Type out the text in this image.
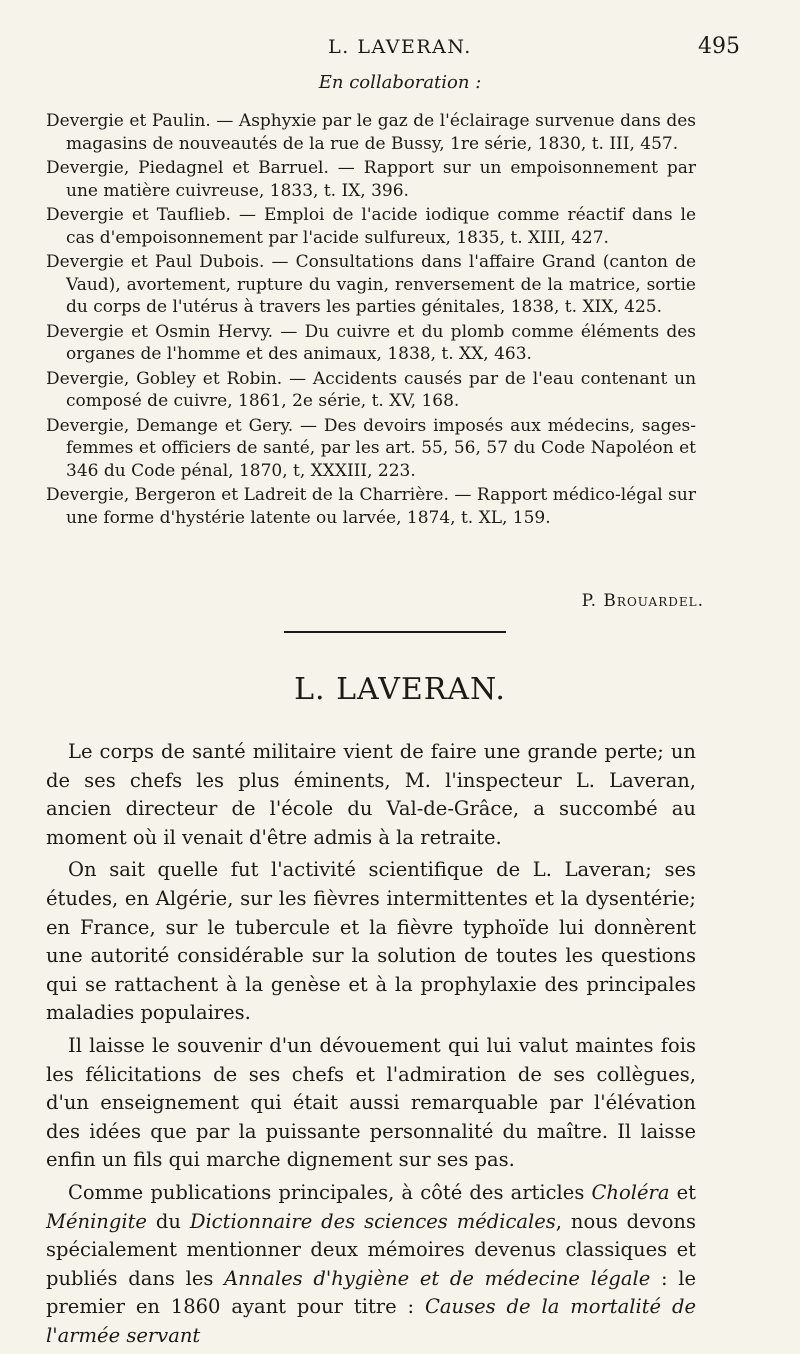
L. LAVERAN.	495
En collaboration :

Devergie et Paulin. — Asphyxie par le gaz de l'éclairage survenue dans des magasins de nouveautés de la rue de Bussy, 1re série, 1830, t. III, 457.

Devergie, Piedagnel et Barruel. — Rapport sur un empoisonnement par une matière cuivreuse, 1833, t. IX, 396.

Devergie et Tauflieb. — Emploi de l'acide iodique comme réactif dans le cas d'empoisonnement par l'acide sulfureux, 1835, t. XIII, 427.

Devergie et Paul Dubois. — Consultations dans l'affaire Grand (canton de Vaud), avortement, rupture du vagin, renversement de la matrice, sortie du corps de l'utérus à travers les parties génitales, 1838, t. XIX, 425.

Devergie et Osmin Hervy. — Du cuivre et du plomb comme éléments des organes de l'homme et des animaux, 1838, t. XX, 463.

Devergie, Gobley et Robin. — Accidents causés par de l'eau contenant un composé de cuivre, 1861, 2e série, t. XV, 168.

Devergie, Demange et Gery. — Des devoirs imposés aux médecins, sages-femmes et officiers de santé, par les art. 55, 56, 57 du Code Napoléon et 346 du Code pénal, 1870, t, XXXIII, 223.

Devergie, Bergeron et Ladreit de la Charrière. — Rapport médico-légal sur une forme d'hystérie latente ou larvée, 1874, t. XL, 159.

P. Brouardel.
L. LAVERAN.

Le corps de santé militaire vient de faire une grande perte; un de ses chefs les plus éminents, M. l'inspecteur L. Laveran, ancien directeur de l'école du Val-de-Grâce, a succombé au moment où il venait d'être admis à la retraite.

On sait quelle fut l'activité scientifique de L. Laveran; ses études, en Algérie, sur les fièvres intermittentes et la dysentérie; en France, sur le tubercule et la fièvre typhoïde lui donnèrent une autorité considérable sur la solution de toutes les questions qui se rattachent à la genèse et à la prophylaxie des principales maladies populaires.

Il laisse le souvenir d'un dévouement qui lui valut maintes fois les félicitations de ses chefs et l'admiration de ses collègues, d'un enseignement qui était aussi remarquable par l'élévation des idées que par la puissante personnalité du maître. Il laisse enfin un fils qui marche dignement sur ses pas.

Comme publications principales, à côté des articles Choléra et Méningite du Dictionnaire des sciences médicales, nous devons spécialement mentionner deux mémoires devenus classiques et publiés dans les Annales d'hygiène et de médecine légale : le premier en 1860 ayant pour titre : Causes de la mortalité de l'armée servant
